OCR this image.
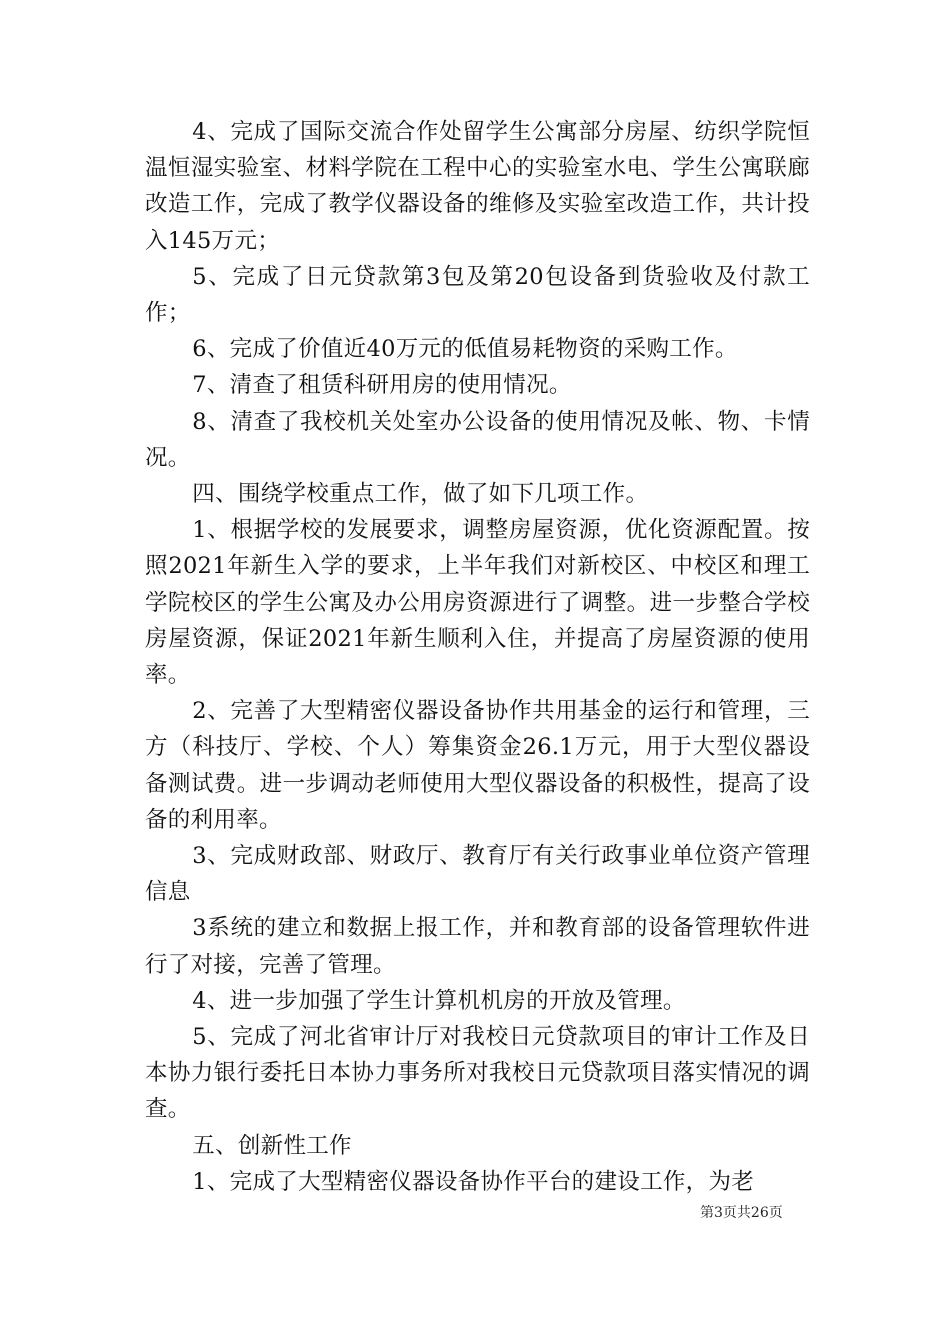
4、完成了国际交流合作处留学生公寓部分房屋、纺织学院恒温恒湿实验室、材料学院在工程中心的实验室水电、学生公寓联廊改造工作，完成了教学仪器设备的维修及实验室改造工作，共计投入145万元；

5、完成了日元贷款第3包及第20包设备到货验收及付款工作；

6、完成了价值近40万元的低值易耗物资的采购工作。

7、清查了租赁科研用房的使用情况。

8、清查了我校机关处室办公设备的使用情况及帐、物、卡情况。

四、围绕学校重点工作，做了如下几项工作。

1、根据学校的发展要求，调整房屋资源，优化资源配置。按照2021年新生入学的要求，上半年我们对新校区、中校区和理工学院校区的学生公寓及办公用房资源进行了调整。进一步整合学校房屋资源，保证2021年新生顺利入住，并提高了房屋资源的使用率。

2、完善了大型精密仪器设备协作共用基金的运行和管理，三方（科技厅、学校、个人）筹集资金26.1万元，用于大型仪器设备测试费。进一步调动老师使用大型仪器设备的积极性，提高了设备的利用率。

3、完成财政部、财政厅、教育厅有关行政事业单位资产管理信息

3系统的建立和数据上报工作，并和教育部的设备管理软件进行了对接，完善了管理。

4、进一步加强了学生计算机机房的开放及管理。

5、完成了河北省审计厅对我校日元贷款项目的审计工作及日本协力银行委托日本协力事务所对我校日元贷款项目落实情况的调查。

五、创新性工作

1、完成了大型精密仪器设备协作平台的建设工作，为老

第3页共26页
